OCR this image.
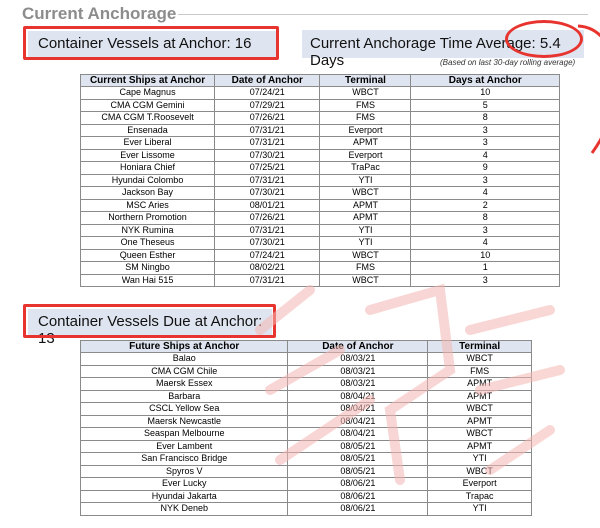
Current Anchorage
Container Vessels at Anchor: 16	Current Anchorage Time Average: 5.4 Days	(Based on last 30-day rolling average)
Current Ships at Anchor	Date of Anchor	Terminal	Days at Anchor
Cape Magnus	07/24/21	WBCT	10
CMA CGM Gemini	07/29/21	FMS	5
CMA CGM T.Roosevelt	07/26/21	FMS	8
Ensenada	07/31/21	Everport	3
Ever Liberal	07/31/21	APMT	3
Ever Lissome	07/30/21	Everport	4
Honiara Chief	07/25/21	TraPac	9
Hyundai Colombo	07/31/21	YTI	3
Jackson Bay	07/30/21	WBCT	4
MSC Aries	08/01/21	APMT	2
Northern Promotion	07/26/21	APMT	8
NYK Rumina	07/31/21	YTI	3
One Theseus	07/30/21	YTI	4
Queen Esther	07/24/21	WBCT	10
SM Ningbo	08/02/21	FMS	1
Wan Hai 515	07/31/21	WBCT	3
Container Vessels Due at Anchor: 13	Future Ships at Anchor	Date of Anchor	Terminal
Balao	08/03/21	WBCT
CMA CGM Chile	08/03/21	FMS
Maersk Essex	08/03/21	APMT
Barbara	08/04/21	APMT
CSCL Yellow Sea	08/04/21	WBCT
Maersk Newcastle	08/04/21	APMT
Seaspan Melbourne	08/04/21	WBCT
Ever Lambent	08/05/21	APMT
San Francisco Bridge	08/05/21	YTI
Spyros V	08/05/21	WBCT
Ever Lucky	08/06/21	Everport
Hyundai Jakarta	08/06/21	Trapac
NYK Deneb	08/06/21	YTI
